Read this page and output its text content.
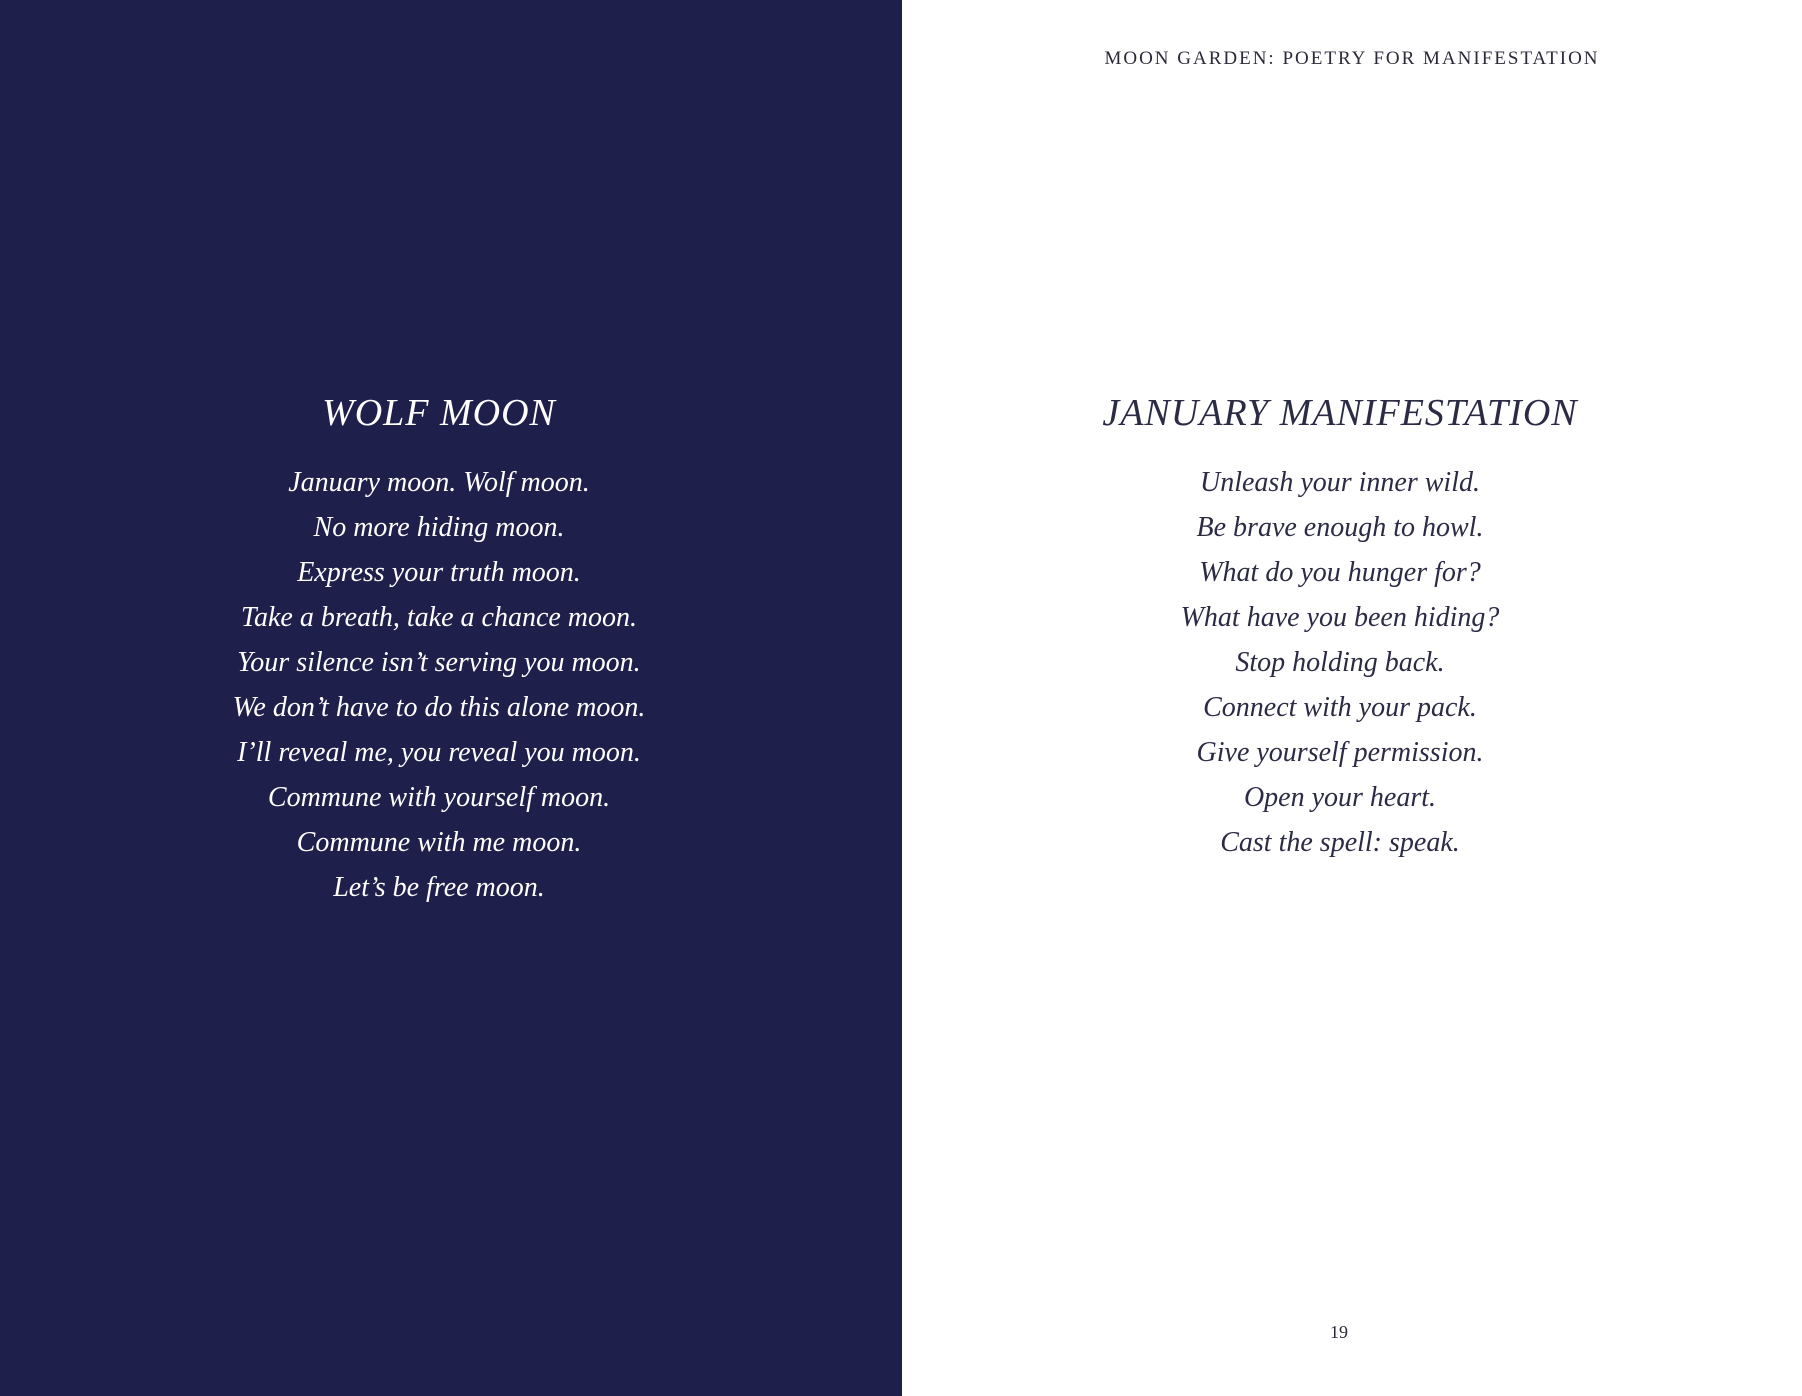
WOLF MOON
January moon. Wolf moon.
No more hiding moon.
Express your truth moon.
Take a breath, take a chance moon.
Your silence isn’t serving you moon.
We don’t have to do this alone moon.
I’ll reveal me, you reveal you moon.
Commune with yourself moon.
Commune with me moon.
Let’s be free moon.
MOON GARDEN: POETRY FOR MANIFESTATION
JANUARY MANIFESTATION
Unleash your inner wild.
Be brave enough to howl.
What do you hunger for?
What have you been hiding?
Stop holding back.
Connect with your pack.
Give yourself permission.
Open your heart.
Cast the spell: speak.
19
